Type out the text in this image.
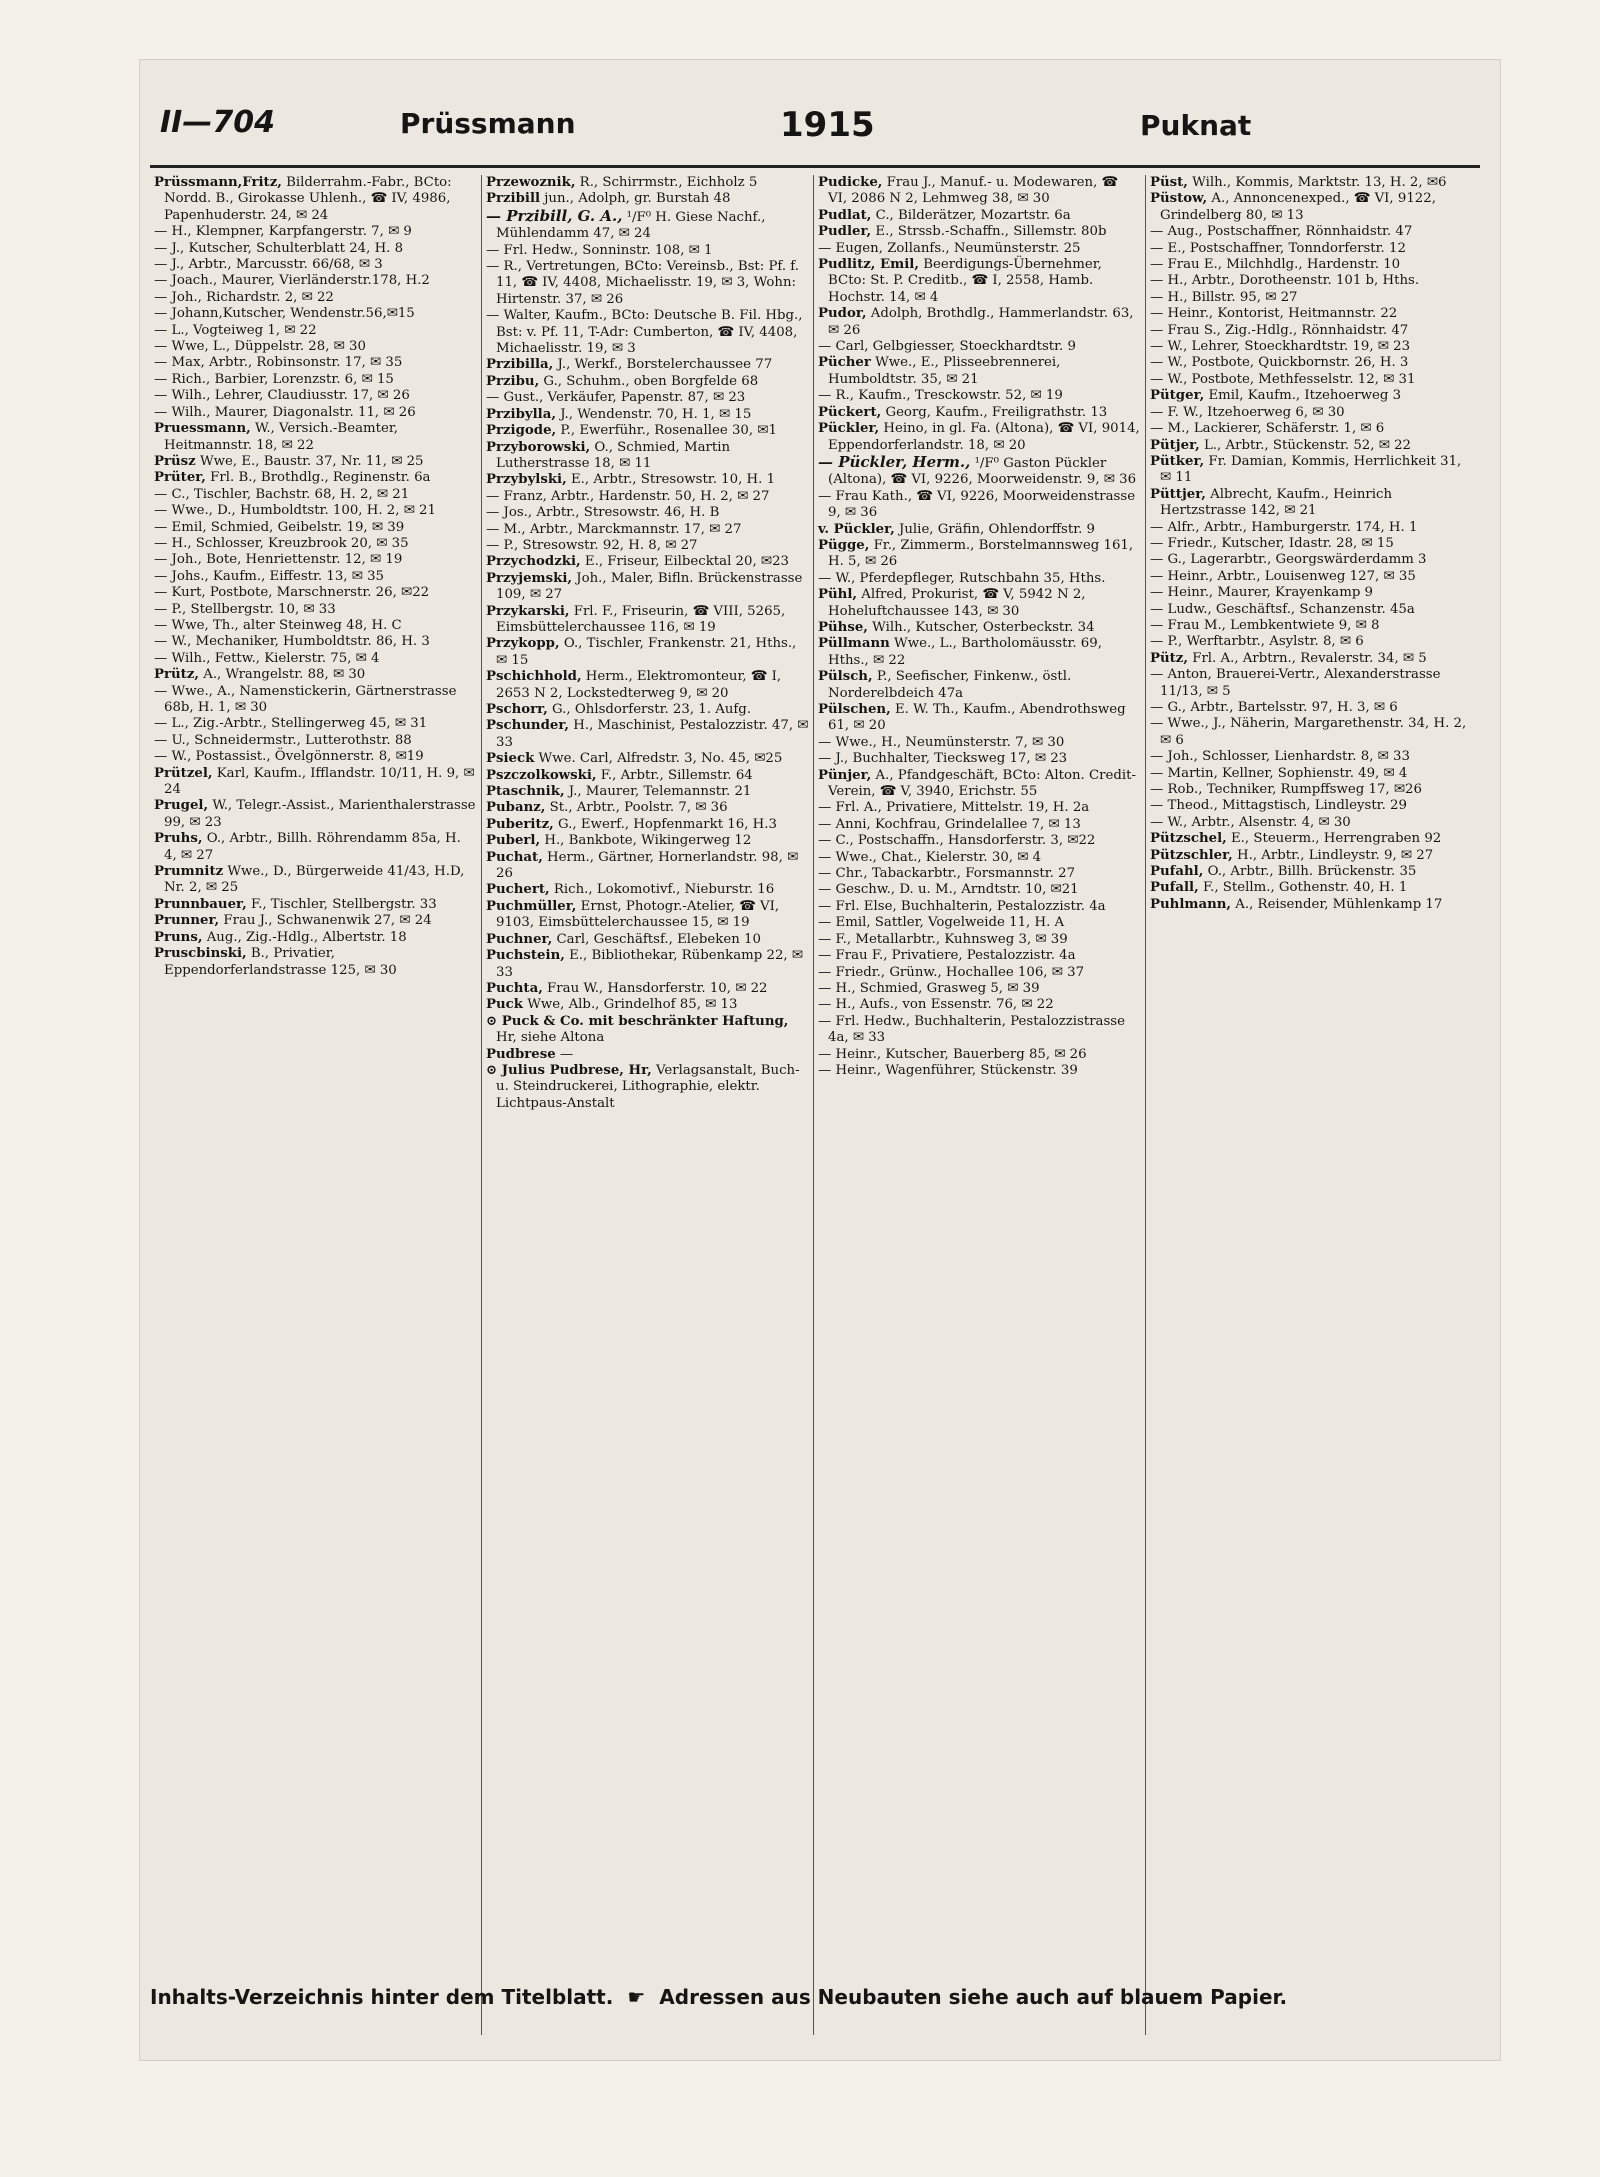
II—704	Prüssmann	1915	Puknat

Prüssmann,Fritz, Bilderrahm.-Fabr., BCto: Nordd. B., Girokasse Uhlenh., ☎ IV, 4986, Papenhuderstr. 24, ✉ 24

— H., Klempner, Karpfangerstr. 7, ✉ 9

— J., Kutscher, Schulterblatt 24, H. 8

— J., Arbtr., Marcusstr. 66/68, ✉ 3

— Joach., Maurer, Vierländerstr.178, H.2

— Joh., Richardstr. 2, ✉ 22

— Johann,Kutscher, Wendenstr.56,✉15

— L., Vogteiweg 1, ✉ 22

— Wwe, L., Düppelstr. 28, ✉ 30

— Max, Arbtr., Robinsonstr. 17, ✉ 35

— Rich., Barbier, Lorenzstr. 6, ✉ 15

— Wilh., Lehrer, Claudiusstr. 17, ✉ 26

— Wilh., Maurer, Diagonalstr. 11, ✉ 26

Pruessmann, W., Versich.-Beamter, Heitmannstr. 18, ✉ 22

Prüsz Wwe, E., Baustr. 37, Nr. 11, ✉ 25

Prüter, Frl. B., Brothdlg., Reginenstr. 6a

— C., Tischler, Bachstr. 68, H. 2, ✉ 21

— Wwe., D., Humboldtstr. 100, H. 2, ✉ 21

— Emil, Schmied, Geibelstr. 19, ✉ 39

— H., Schlosser, Kreuzbrook 20, ✉ 35

— Joh., Bote, Henriettenstr. 12, ✉ 19

— Johs., Kaufm., Eiffestr. 13, ✉ 35

— Kurt, Postbote, Marschnerstr. 26, ✉22

— P., Stellbergstr. 10, ✉ 33

— Wwe, Th., alter Steinweg 48, H. C

— W., Mechaniker, Humboldtstr. 86, H. 3

— Wilh., Fettw., Kielerstr. 75, ✉ 4

Prütz, A., Wrangelstr. 88, ✉ 30

— Wwe., A., Namenstickerin, Gärtnerstrasse 68b, H. 1, ✉ 30

— L., Zig.-Arbtr., Stellingerweg 45, ✉ 31

— U., Schneidermstr., Lutterothstr. 88

— W., Postassist., Övelgönnerstr. 8, ✉19

Prützel, Karl, Kaufm., Ifflandstr. 10/11, H. 9, ✉ 24

Prugel, W., Telegr.-Assist., Marienthalerstrasse 99, ✉ 23

Pruhs, O., Arbtr., Billh. Röhrendamm 85a, H. 4, ✉ 27

Prumnitz Wwe., D., Bürgerweide 41/43, H.D, Nr. 2, ✉ 25

Prunnbauer, F., Tischler, Stellbergstr. 33

Prunner, Frau J., Schwanenwik 27, ✉ 24

Pruns, Aug., Zig.-Hdlg., Albertstr. 18

Pruscbinski, B., Privatier, Eppendorferlandstrasse 125, ✉ 30

Przewoznik, R., Schirrmstr., Eichholz 5

Przibill jun., Adolph, gr. Burstah 48

— Przibill, G. A., ¹/F⁰ H. Giese Nachf., Mühlendamm 47, ✉ 24

— Frl. Hedw., Sonninstr. 108, ✉ 1

— R., Vertretungen, BCto: Vereinsb., Bst: Pf. f. 11, ☎ IV, 4408, Michaelisstr. 19, ✉ 3, Wohn: Hirtenstr. 37, ✉ 26

— Walter, Kaufm., BCto: Deutsche B. Fil. Hbg., Bst: v. Pf. 11, T-Adr: Cumberton, ☎ IV, 4408, Michaelisstr. 19, ✉ 3

Przibilla, J., Werkf., Borstelerchaussee 77

Przibu, G., Schuhm., oben Borgfelde 68

— Gust., Verkäufer, Papenstr. 87, ✉ 23

Przibylla, J., Wendenstr. 70, H. 1, ✉ 15

Przigode, P., Ewerführ., Rosenallee 30, ✉1

Przyborowski, O., Schmied, Martin Lutherstrasse 18, ✉ 11

Przybylski, E., Arbtr., Stresowstr. 10, H. 1

— Franz, Arbtr., Hardenstr. 50, H. 2, ✉ 27

— Jos., Arbtr., Stresowstr. 46, H. B

— M., Arbtr., Marckmannstr. 17, ✉ 27

— P., Stresowstr. 92, H. 8, ✉ 27

Przychodzki, E., Friseur, Eilbecktal 20, ✉23

Przyjemski, Joh., Maler, Bifln. Brückenstrasse 109, ✉ 27

Przykarski, Frl. F., Friseurin, ☎ VIII, 5265, Eimsbüttelerchaussee 116, ✉ 19

Przykopp, O., Tischler, Frankenstr. 21, Hths., ✉ 15

Pschichhold, Herm., Elektromonteur, ☎ I, 2653 N 2, Lockstedterweg 9, ✉ 20

Pschorr, G., Ohlsdorferstr. 23, 1. Aufg.

Pschunder, H., Maschinist, Pestalozzistr. 47, ✉ 33

Psieck Wwe. Carl, Alfredstr. 3, No. 45, ✉25

Pszczolkowski, F., Arbtr., Sillemstr. 64

Ptaschnik, J., Maurer, Telemannstr. 21

Pubanz, St., Arbtr., Poolstr. 7, ✉ 36

Puberitz, G., Ewerf., Hopfenmarkt 16, H.3

Puberl, H., Bankbote, Wikingerweg 12

Puchat, Herm., Gärtner, Hornerlandstr. 98, ✉ 26

Puchert, Rich., Lokomotivf., Nieburstr. 16

Puchmüller, Ernst, Photogr.-Atelier, ☎ VI, 9103, Eimsbüttelerchaussee 15, ✉ 19

Puchner, Carl, Geschäftsf., Elebeken 10

Puchstein, E., Bibliothekar, Rübenkamp 22, ✉ 33

Puchta, Frau W., Hansdorferstr. 10, ✉ 22

Puck Wwe, Alb., Grindelhof 85, ✉ 13

⊙ Puck & Co. mit beschränkter Haftung, Hr, siehe Altona

Pudbrese —

⊙ Julius Pudbrese, Hr, Verlagsanstalt, Buch- u. Steindruckerei, Lithographie, elektr. Lichtpaus-Anstalt

Pudicke, Frau J., Manuf.- u. Modewaren, ☎ VI, 2086 N 2, Lehmweg 38, ✉ 30

Pudlat, C., Bilderätzer, Mozartstr. 6a

Pudler, E., Strssb.-Schaffn., Sillemstr. 80b

— Eugen, Zollanfs., Neumünsterstr. 25

Pudlitz, Emil, Beerdigungs-Übernehmer, BCto: St. P. Creditb., ☎ I, 2558, Hamb. Hochstr. 14, ✉ 4

Pudor, Adolph, Brothdlg., Hammerlandstr. 63, ✉ 26

— Carl, Gelbgiesser, Stoeckhardtstr. 9

Pücher Wwe., E., Plisseebrennerei, Humboldtstr. 35, ✉ 21

— R., Kaufm., Tresckowstr. 52, ✉ 19

Pückert, Georg, Kaufm., Freiligrathstr. 13

Pückler, Heino, in gl. Fa. (Altona), ☎ VI, 9014, Eppendorferlandstr. 18, ✉ 20

— Pückler, Herm., ¹/F⁰ Gaston Pückler (Altona), ☎ VI, 9226, Moorweidenstr. 9, ✉ 36

— Frau Kath., ☎ VI, 9226, Moorweidenstrasse 9, ✉ 36

v. Pückler, Julie, Gräfin, Ohlendorffstr. 9

Pügge, Fr., Zimmerm., Borstelmannsweg 161, H. 5, ✉ 26

— W., Pferdepfleger, Rutschbahn 35, Hths.

Pühl, Alfred, Prokurist, ☎ V, 5942 N 2, Hoheluftchaussee 143, ✉ 30

Pühse, Wilh., Kutscher, Osterbeckstr. 34

Püllmann Wwe., L., Bartholomäusstr. 69, Hths., ✉ 22

Pülsch, P., Seefischer, Finkenw., östl. Norderelbdeich 47a

Pülschen, E. W. Th., Kaufm., Abendrothsweg 61, ✉ 20

— Wwe., H., Neumünsterstr. 7, ✉ 30

— J., Buchhalter, Tiecksweg 17, ✉ 23

Pünjer, A., Pfandgeschäft, BCto: Alton. Credit-Verein, ☎ V, 3940, Erichstr. 55

— Frl. A., Privatiere, Mittelstr. 19, H. 2a

— Anni, Kochfrau, Grindelallee 7, ✉ 13

— C., Postschaffn., Hansdorferstr. 3, ✉22

— Wwe., Chat., Kielerstr. 30, ✉ 4

— Chr., Tabackarbtr., Forsmannstr. 27

— Geschw., D. u. M., Arndtstr. 10, ✉21

— Frl. Else, Buchhalterin, Pestalozzistr. 4a

— Emil, Sattler, Vogelweide 11, H. A

— F., Metallarbtr., Kuhnsweg 3, ✉ 39

— Frau F., Privatiere, Pestalozzistr. 4a

— Friedr., Grünw., Hochallee 106, ✉ 37

— H., Schmied, Grasweg 5, ✉ 39

— H., Aufs., von Essenstr. 76, ✉ 22

— Frl. Hedw., Buchhalterin, Pestalozzistrasse 4a, ✉ 33

— Heinr., Kutscher, Bauerberg 85, ✉ 26

— Heinr., Wagenführer, Stückenstr. 39

Püst, Wilh., Kommis, Marktstr. 13, H. 2, ✉6

Püstow, A., Annoncenexped., ☎ VI, 9122, Grindelberg 80, ✉ 13

— Aug., Postschaffner, Rönnhaidstr. 47

— E., Postschaffner, Tonndorferstr. 12

— Frau E., Milchhdlg., Hardenstr. 10

— H., Arbtr., Dorotheenstr. 101 b, Hths.

— H., Billstr. 95, ✉ 27

— Heinr., Kontorist, Heitmannstr. 22

— Frau S., Zig.-Hdlg., Rönnhaidstr. 47

— W., Lehrer, Stoeckhardtstr. 19, ✉ 23

— W., Postbote, Quickbornstr. 26, H. 3

— W., Postbote, Methfesselstr. 12, ✉ 31

Pütger, Emil, Kaufm., Itzehoerweg 3

— F. W., Itzehoerweg 6, ✉ 30

— M., Lackierer, Schäferstr. 1, ✉ 6

Pütjer, L., Arbtr., Stückenstr. 52, ✉ 22

Pütker, Fr. Damian, Kommis, Herrlichkeit 31, ✉ 11

Püttjer, Albrecht, Kaufm., Heinrich Hertzstrasse 142, ✉ 21

— Alfr., Arbtr., Hamburgerstr. 174, H. 1

— Friedr., Kutscher, Idastr. 28, ✉ 15

— G., Lagerarbtr., Georgswärderdamm 3

— Heinr., Arbtr., Louisenweg 127, ✉ 35

— Heinr., Maurer, Krayenkamp 9

— Ludw., Geschäftsf., Schanzenstr. 45a

— Frau M., Lembkentwiete 9, ✉ 8

— P., Werftarbtr., Asylstr. 8, ✉ 6

Pütz, Frl. A., Arbtrn., Revalerstr. 34, ✉ 5

— Anton, Brauerei-Vertr., Alexanderstrasse 11/13, ✉ 5

— G., Arbtr., Bartelsstr. 97, H. 3, ✉ 6

— Wwe., J., Näherin, Margarethenstr. 34, H. 2, ✉ 6

— Joh., Schlosser, Lienhardstr. 8, ✉ 33

— Martin, Kellner, Sophienstr. 49, ✉ 4

— Rob., Techniker, Rumpffsweg 17, ✉26

— Theod., Mittagstisch, Lindleystr. 29

— W., Arbtr., Alsenstr. 4, ✉ 30

Pützschel, E., Steuerm., Herrengraben 92

Pützschler, H., Arbtr., Lindleystr. 9, ✉ 27

Pufahl, O., Arbtr., Billh. Brückenstr. 35

Pufall, F., Stellm., Gothenstr. 40, H. 1

Puhlmann, A., Reisender, Mühlenkamp 17

Inhalts-Verzeichnis hinter dem Titelblatt. ☛ Adressen aus Neubauten siehe auch auf blauem Papier.
